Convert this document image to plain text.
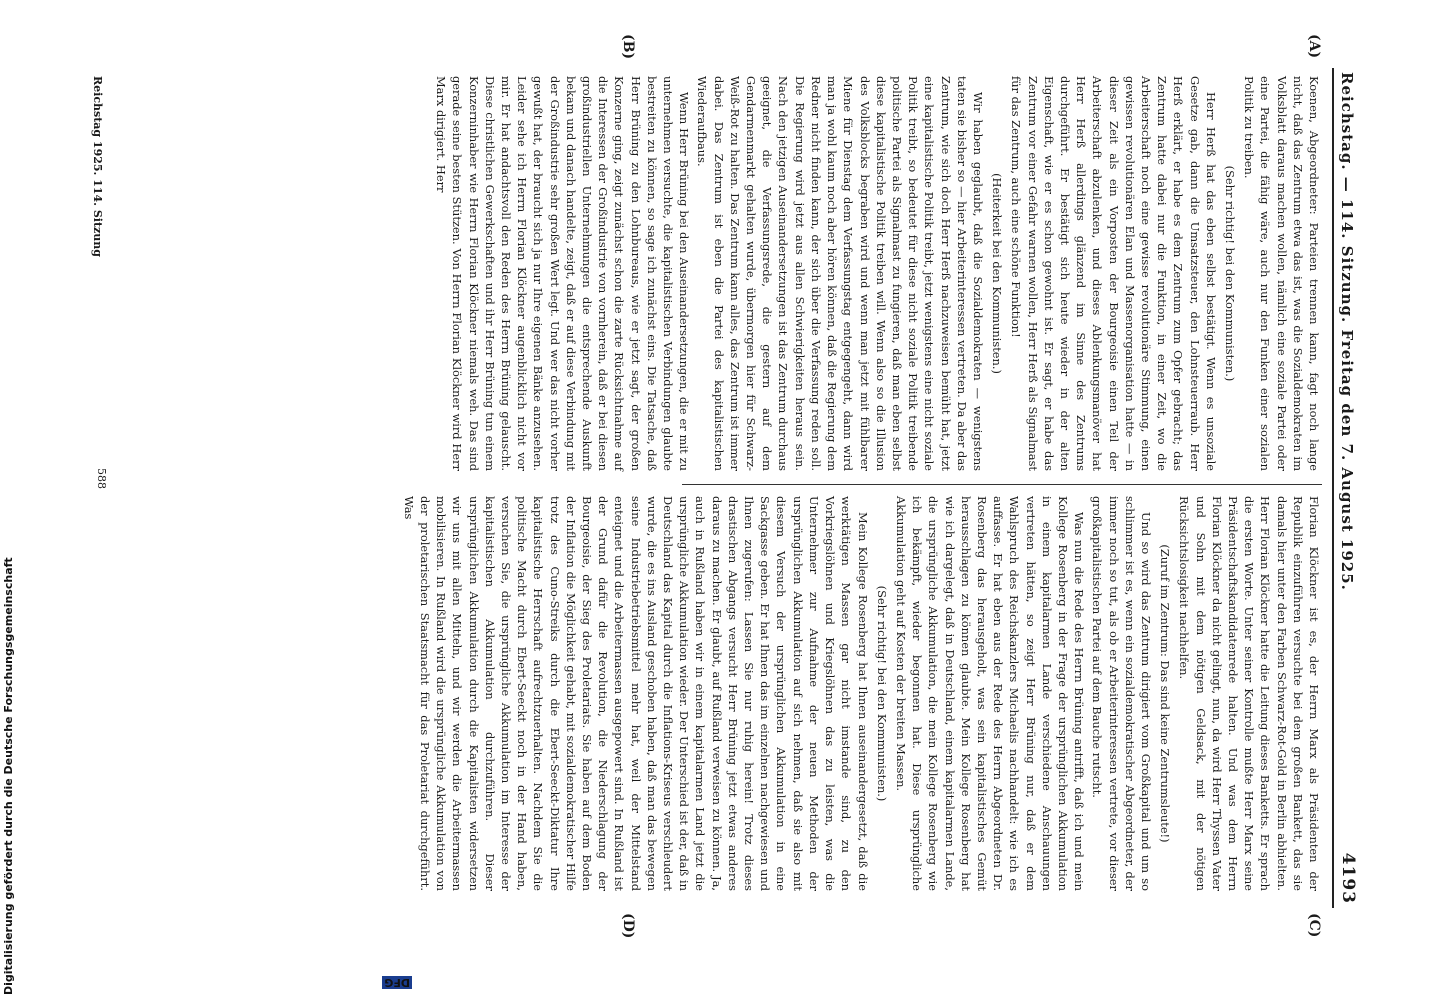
Reichstag. — 114. Sitzung. Freitag den 7. August 1925.
4193
(A)
(B)
(C)
(D)

Koenen, Abgeordneter: Parteien trennen kann, fagt noch lange nicht, daß das Zentrum etwa das ist, was die Sozialdemokraten im Volksblatt daraus machen wollen, nämlich eine soziale Partei oder eine Partei, die fähig wäre, auch nur den Funken einer sozialen Politik zu treiben.

(Sehr richtig! bei den Kommunisten.)

Herr Herß hat das eben selbst bestätigt. Wenn es unsoziale Gesetze gab, dann die Umsatzsteuer, den Lohnsteuerraub. Herr Herß erklärt, er habe es dem Zentrum zum Opfer gebracht; das Zentrum hatte dabei nur die Funktion, in einer Zeit, wo die Arbeiterschaft noch eine gewisse revolutionäre Stimmung, einen gewissen revolutionären Elan und Massenorganisation hatte — in dieser Zeit als ein Vorposten der Bourgeoisie einen Teil der Arbeiterschaft abzulenken, und dieses Ablenkungsmanöver hat Herr Herß allerdings glänzend im Sinne des Zentrums durchgeführt. Er bestätigt sich heute wieder in der alten Eigenschaft, wie er es schon gewohnt ist. Er sagt, er habe das Zentrum vor einer Gefahr warnen wollen, Herr Herß als Signalmast für das Zentrum, auch eine schöne Funktion!

(Heiterkeit bei den Kommunisten.)

Wir haben geglaubt, daß die Sozialdemokraten — wenigstens taten sie bisher so — hier Arbeiterinteressen vertreten. Da aber das Zentrum, wie sich doch Herr Herß nachzuweisen bemüht hat, jetzt eine kapitalistische Politik treibt, jetzt wenigstens eine nicht soziale Politik treibt, so bedeutet für diese nicht soziale Politik treibende politische Partei als Signalmast zu fungieren, daß man eben selbst diese kapitalistische Politik treiben will. Wenn also so die Illusion des Volksblocks begraben wird und wenn man jetzt mit fühlbarer Miene für Dienstag dem Verfassungstag entgegengeht, dann wird man ja wohl kaum noch aber hören können, daß die Regierung dem Redner nicht finden kann, der sich über die Verfassung reden soll. Die Regierung wird jetzt aus allen Schwierigkeiten heraus sein. Nach den jetzigen Auseinandersetzungen ist das Zentrum durchaus geeignet, die Verfassungsrede, die gestern auf dem Gendarmenmarkt gehalten wurde, übermorgen hier für Schwarz-Weiß-Rot zu halten. Das Zentrum kann alles, das Zentrum ist immer dabei. Das Zentrum ist eben die Partei des kapitalistischen Wiederaufbaus.

Wenn Herr Brüning bei den Auseinandersetzungen, die er mit zu unternehmen versuchte, die kapitalistischen Verbindungen glaubte bestreiten zu können, so sage ich zunächst eins. Die Tatsache, daß Herr Brüning zu den Lohnbureaus, wie er jetzt sagt, der großen Konzerne ging, zeigt zunächst schon die zarte Rücksichtnahme auf die Interessen der Großindustrie von vornherein, daß er bei diesen großindustriellen Unternehmungen die entsprechende Auskunft bekam und danach handelte, zeigt, daß er auf diese Verbindung mit der Großindustrie sehr großen Wert legt. Und wer das nicht vorher gewußt hat, der braucht sich ja nur Ihre eigenen Bänke anzusehen. Leider sehe ich Herrn Florian Klöckner augenblicklich nicht vor mir. Er hat andachtsvoll den Reden des Herrn Brüning gelauscht. Diese christlichen Gewerkschaften und ihr Herr Brüning tun einem Konzerninhaber wie Herrn Florian Klöckner niemals weh. Das sind gerade seine besten Stützen. Von Herrn Florian Klöckner wird Herr Marx dirigiert. Herr

Florian Klöckner ist es, der Herrn Marx als Präsidenten der Republik einzuführen versuchte bei dem großen Bankett, das sie damals hier unter den Farben Schwarz-Rot-Gold in Berlin abhielten. Herr Florian Klöckner hatte die Leitung dieses Banketts. Er sprach die ersten Worte. Unter seiner Kontrolle mußte Herr Marx seine Präsidentschaftskandidatenrede halten. Und was dem Herrn Florian Klöckner da nicht gelingt, nun, da wird Herr Thyssen Vater und Sohn mit dem nötigen Geldsack, mit der nötigen Rücksichtslosigkeit nachhelfen.

(Zuruf im Zentrum: Das sind keine Zentrumsleute!)

Und so wird das Zentrum dirigiert vom Großkapital und um so schlimmer ist es, wenn ein sozialdemokratischer Abgeordneter, der immer noch so tut, als ob er Arbeiterinteressen vertrete, vor dieser großkapitalistischen Partei auf dem Bauche rutscht.

Was nun die Rede des Herrn Brüning antrifft, daß ich und mein Kollege Rosenberg in der Frage der ursprünglichen Akkumulation in einem kapitalarmen Lande verschiedene Anschauungen vertreten hätten, so zeigt Herr Brüning nur, daß er dem Wahlspruch des Reichskanzlers Michaelis nachhandelt: wie ich es auffasse. Er hat eben aus der Rede des Herrn Abgeordneten Dr. Rosenberg das herausgeholt, was sein kapitalistisches Gemüt herausschlagen zu können glaubte. Mein Kollege Rosenberg hat wie ich dargelegt, daß in Deutschland, einem kapitalarmen Lande, die ursprüngliche Akkumulation, die mein Kollege Rosenberg wie ich bekämpft, wieder begonnen hat. Diese ursprüngliche Akkumulation geht auf Kosten der breiten Massen.

(Sehr richtig! bei den Kommunisten.)

Mein Kollege Rosenberg hat Ihnen auseinandergesetzt, daß die werktätigen Massen gar nicht imstande sind, zu den Vorkriegslöhnen und Kriegslöhnen das zu leisten, was die Unternehmer zur Aufnahme der neuen Methoden der ursprünglichen Akkumulation auf sich nehmen, daß sie also mit diesem Versuch der ursprünglichen Akkumulation in eine Sackgasse geben. Er hat Ihnen das im einzelnen nachgewiesen und Ihnen zugerufen: Lassen Sie nur ruhig herein! Trotz dieses drastischen Abgangs versucht Herr Brüning jetzt etwas anderes daraus zu machen. Er glaubt, auf Rußland verweisen zu können. Ja, auch in Rußland haben wir in einem kapitalarmen Land jetzt die ursprüngliche Akkumulation wieder. Der Unterschied ist der, daß in Deutschland das Kapital durch die Inflations-Kriseus verschleudert wurde, die es ins Ausland geschoben haben, daß man das bewegen seine Industriebetriebsmittel mehr hat, weil der Mittelstand enteignet und die Arbeitermassen ausgepowert sind. In Rußland ist der Grund dafür die Revolution, die Niederschlagung der Bourgeoisie, der Sieg des Proletariats. Sie haben auf dem Boden der Inflation die Möglichkeit gehabt, mit sozialdemokratischer Hilfe trotz des Cuno-Streiks durch die Ebert-Seeckt-Diktatur Ihre kapitalistische Herrschaft aufrechtzuerhalten. Nachdem Sie die politische Macht durch Ebert-Seeckt noch in der Hand haben, versuchen Sie, die ursprüngliche Akkumulation im Interesse der kapitalistischen Akkumulation durchzuführen. Dieser ursprünglichen Akkumulation durch die Kapitalisten widersetzen wir uns mit allen Mitteln, und wir werden die Arbeitermassen mobilisieren. In Rußland wird die ursprüngliche Akkumulation von der proletarischen Staatsmacht für das Proletariat durchgeführt. Was

Reichstag 1925. 114. Sitzung
588
Digitalisierung gefördert durch die Deutsche Forschungsgemeinschaft	DFG
